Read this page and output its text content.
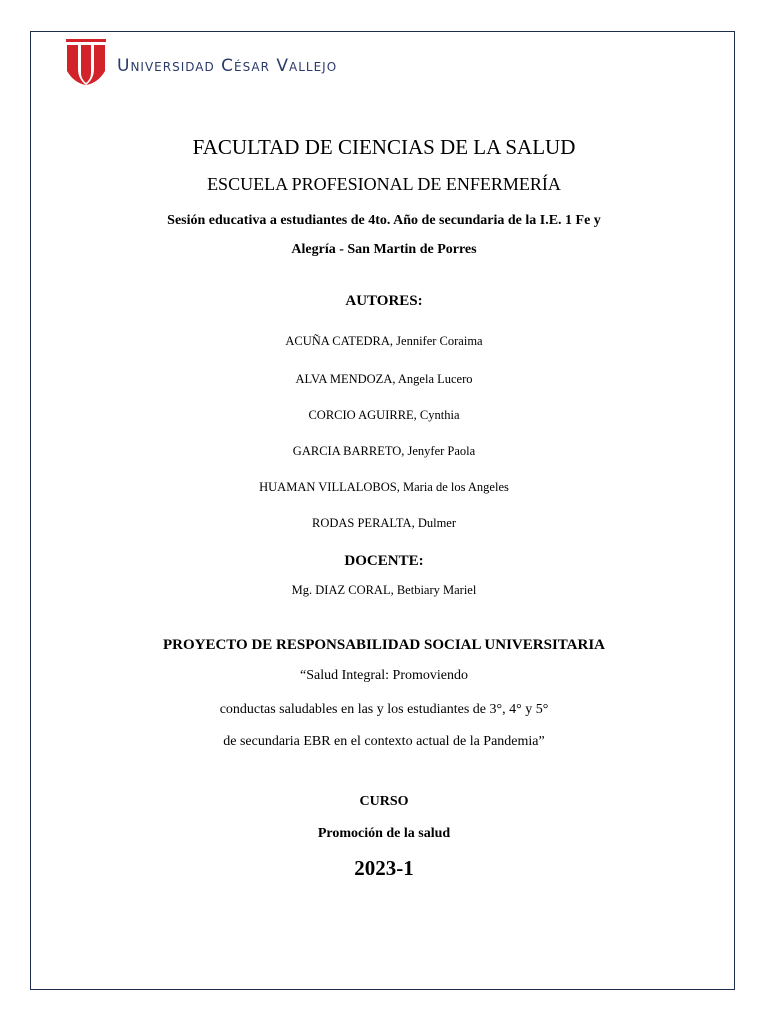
Universidad César Vallejo
FACULTAD DE CIENCIAS DE LA SALUD
ESCUELA PROFESIONAL DE ENFERMERÍA
Sesión educativa a estudiantes de 4to. Año de secundaria de la I.E. 1 Fe y
Alegría - San Martin de Porres
AUTORES:
ACUÑA CATEDRA, Jennifer Coraima
ALVA MENDOZA, Angela Lucero
CORCIO AGUIRRE, Cynthia
GARCIA BARRETO, Jenyfer Paola
HUAMAN VILLALOBOS, Maria de los Angeles
RODAS PERALTA, Dulmer
DOCENTE:
Mg. DIAZ CORAL, Betbiary Mariel
PROYECTO DE RESPONSABILIDAD SOCIAL UNIVERSITARIA
“Salud Integral: Promoviendo
conductas saludables en las y los estudiantes de 3°, 4° y 5°
de secundaria EBR en el contexto actual de la Pandemia”
CURSO
Promoción de la salud
2023-1
